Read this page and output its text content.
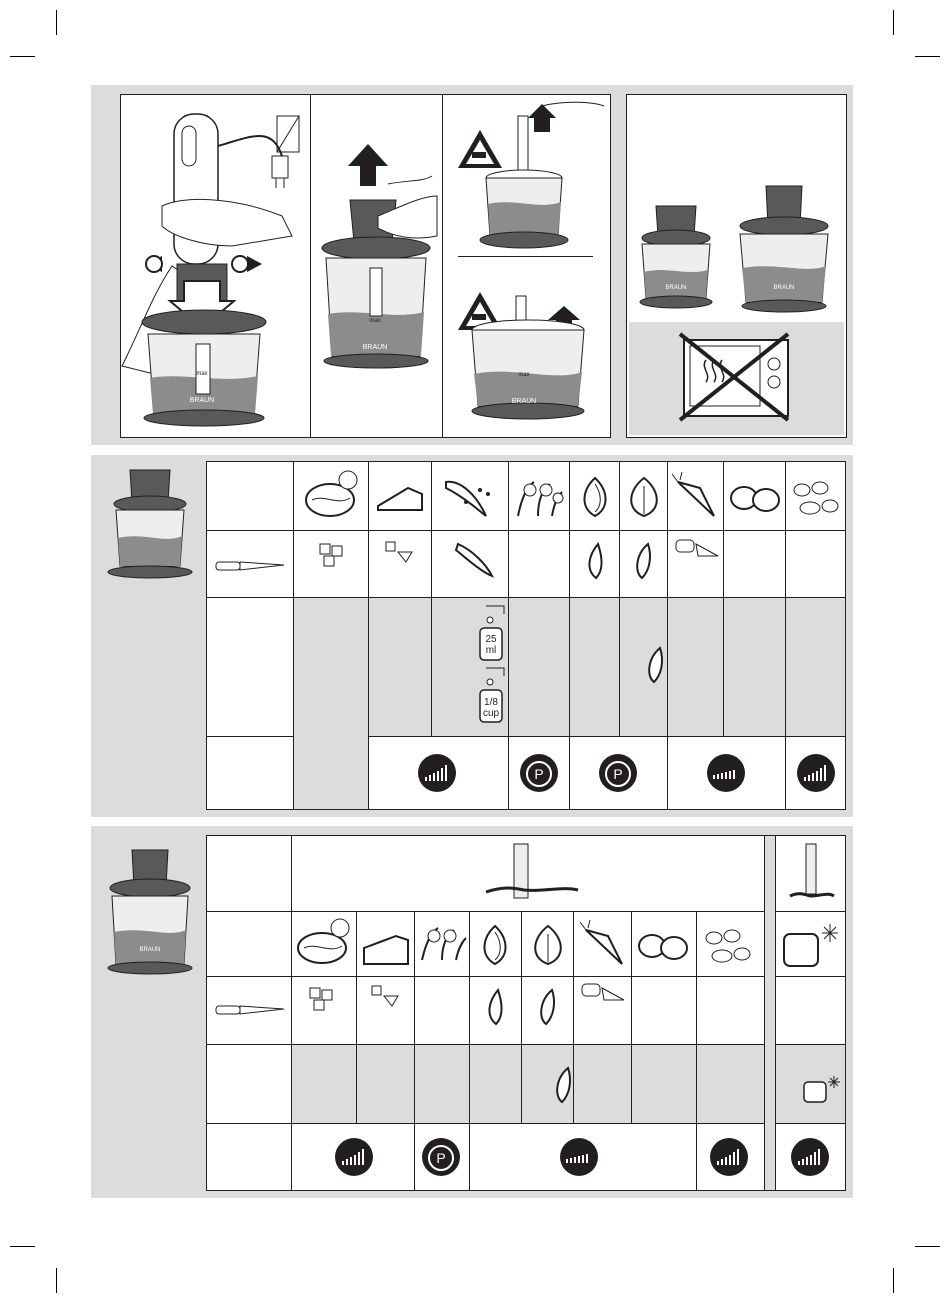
max
BRAUN
max
BRAUN
max
BRAUN
BRAUN	BRAUN
25
ml
1/8
cup
P	P
BRAUN
P
